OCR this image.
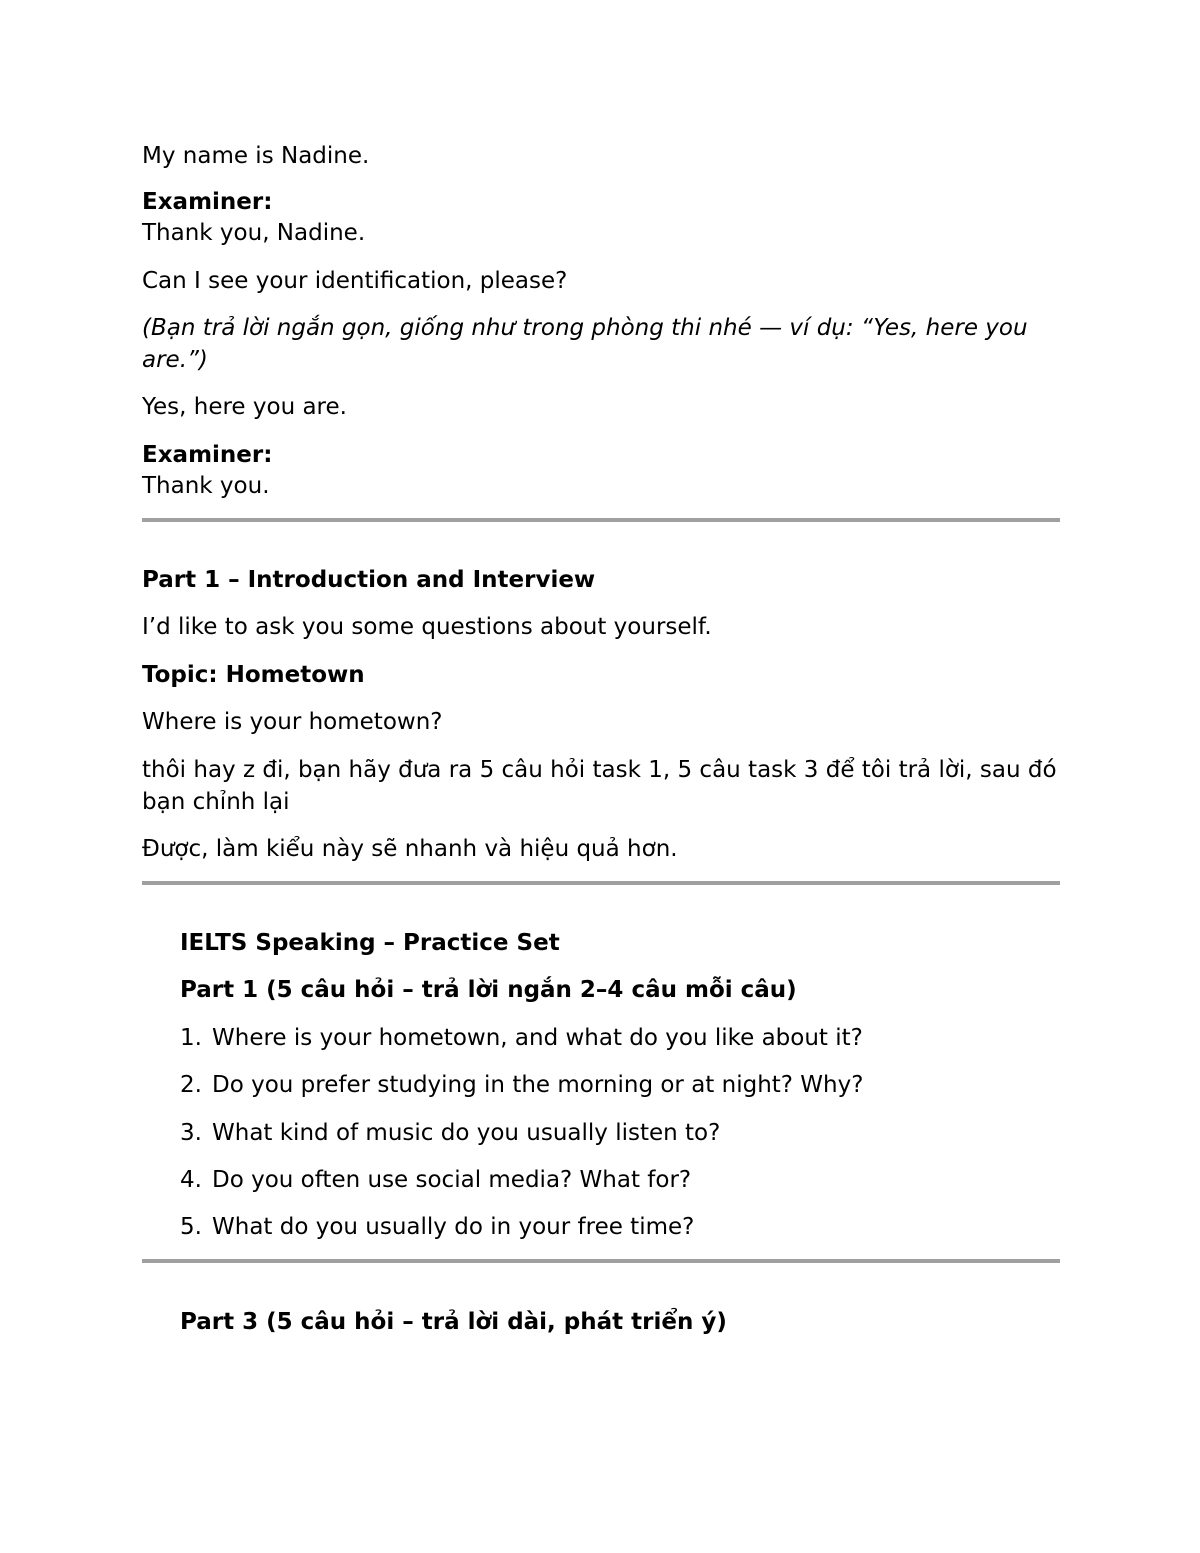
My name is Nadine.
Examiner:
Thank you, Nadine.
Can I see your identification, please?
(Bạn trả lời ngắn gọn, giống như trong phòng thi nhé — ví dụ: “Yes, here you are.”)
Yes, here you are.
Examiner:
Thank you.
Part 1 – Introduction and Interview
I’d like to ask you some questions about yourself.
Topic: Hometown
Where is your hometown?
thôi hay z đi, bạn hãy đưa ra 5 câu hỏi task 1, 5 câu task 3 để tôi trả lời, sau đó bạn chỉnh lại
Được, làm kiểu này sẽ nhanh và hiệu quả hơn.
IELTS Speaking – Practice Set
Part 1 (5 câu hỏi – trả lời ngắn 2–4 câu mỗi câu)
1. Where is your hometown, and what do you like about it?
2. Do you prefer studying in the morning or at night? Why?
3. What kind of music do you usually listen to?
4. Do you often use social media? What for?
5. What do you usually do in your free time?
Part 3 (5 câu hỏi – trả lời dài, phát triển ý)
